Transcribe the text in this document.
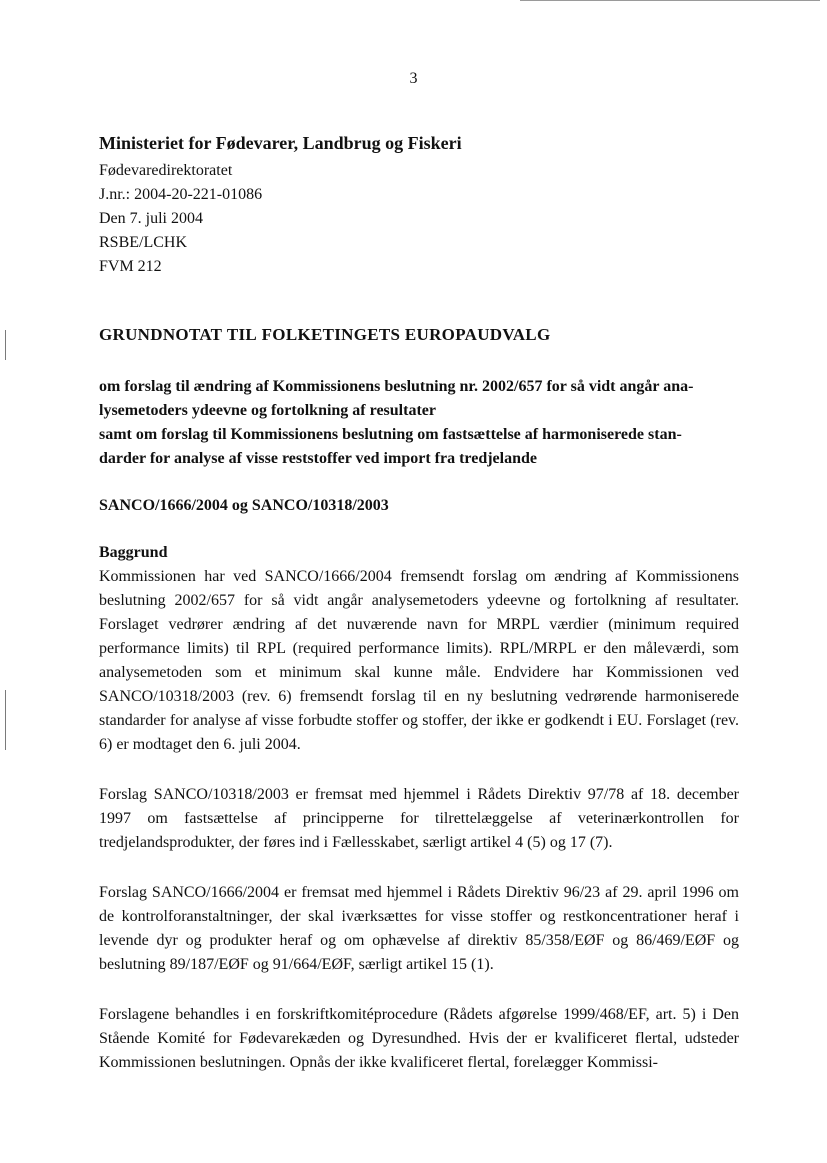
3

Ministeriet for Fødevarer, Landbrug og Fiskeri

Fødevaredirektoratet

J.nr.: 2004-20-221-01086

Den 7. juli 2004

RSBE/LCHK

FVM 212

GRUNDNOTAT TIL FOLKETINGETS EUROPAUDVALG
om forslag til ændring af Kommissionens beslutning nr. 2002/657 for så vidt angår ana-
lysemetoders ydeevne og fortolkning af resultater
samt om forslag til Kommissionens beslutning om fastsættelse af harmoniserede stan-
darder for analyse af visse reststoffer ved import fra tredjelande

SANCO/1666/2004 og SANCO/10318/2003

Baggrund

Kommissionen har ved SANCO/1666/2004 fremsendt forslag om ændring af Kommissionens beslutning 2002/657 for så vidt angår analysemetoders ydeevne og fortolkning af resultater. Forslaget vedrører ændring af det nuværende navn for MRPL værdier (minimum required performance limits) til RPL (required performance limits). RPL/MRPL er den måleværdi, som analysemetoden som et minimum skal kunne måle. Endvidere har Kommissionen ved SANCO/10318/2003 (rev. 6) fremsendt forslag til en ny beslutning vedrørende harmoniserede standarder for analyse af visse forbudte stoffer og stoffer, der ikke er godkendt i EU. Forslaget (rev. 6) er modtaget den 6. juli 2004.

Forslag SANCO/10318/2003 er fremsat med hjemmel i Rådets Direktiv 97/78 af 18. december 1997 om fastsættelse af principperne for tilrettelæggelse af veterinærkontrollen for tredjelandsprodukter, der føres ind i Fællesskabet, særligt artikel 4 (5) og 17 (7).

Forslag SANCO/1666/2004 er fremsat med hjemmel i Rådets Direktiv 96/23 af 29. april 1996 om de kontrolforanstaltninger, der skal iværksættes for visse stoffer og restkoncentrationer heraf i levende dyr og produkter heraf og om ophævelse af direktiv 85/358/EØF og 86/469/EØF og beslutning 89/187/EØF og 91/664/EØF, særligt artikel 15 (1).

Forslagene behandles i en forskriftkomitéprocedure (Rådets afgørelse 1999/468/EF, art. 5) i Den Stående Komité for Fødevarekæden og Dyresundhed. Hvis der er kvalificeret flertal, udsteder Kommissionen beslutningen. Opnås der ikke kvalificeret flertal, forelægger Kommissi-
